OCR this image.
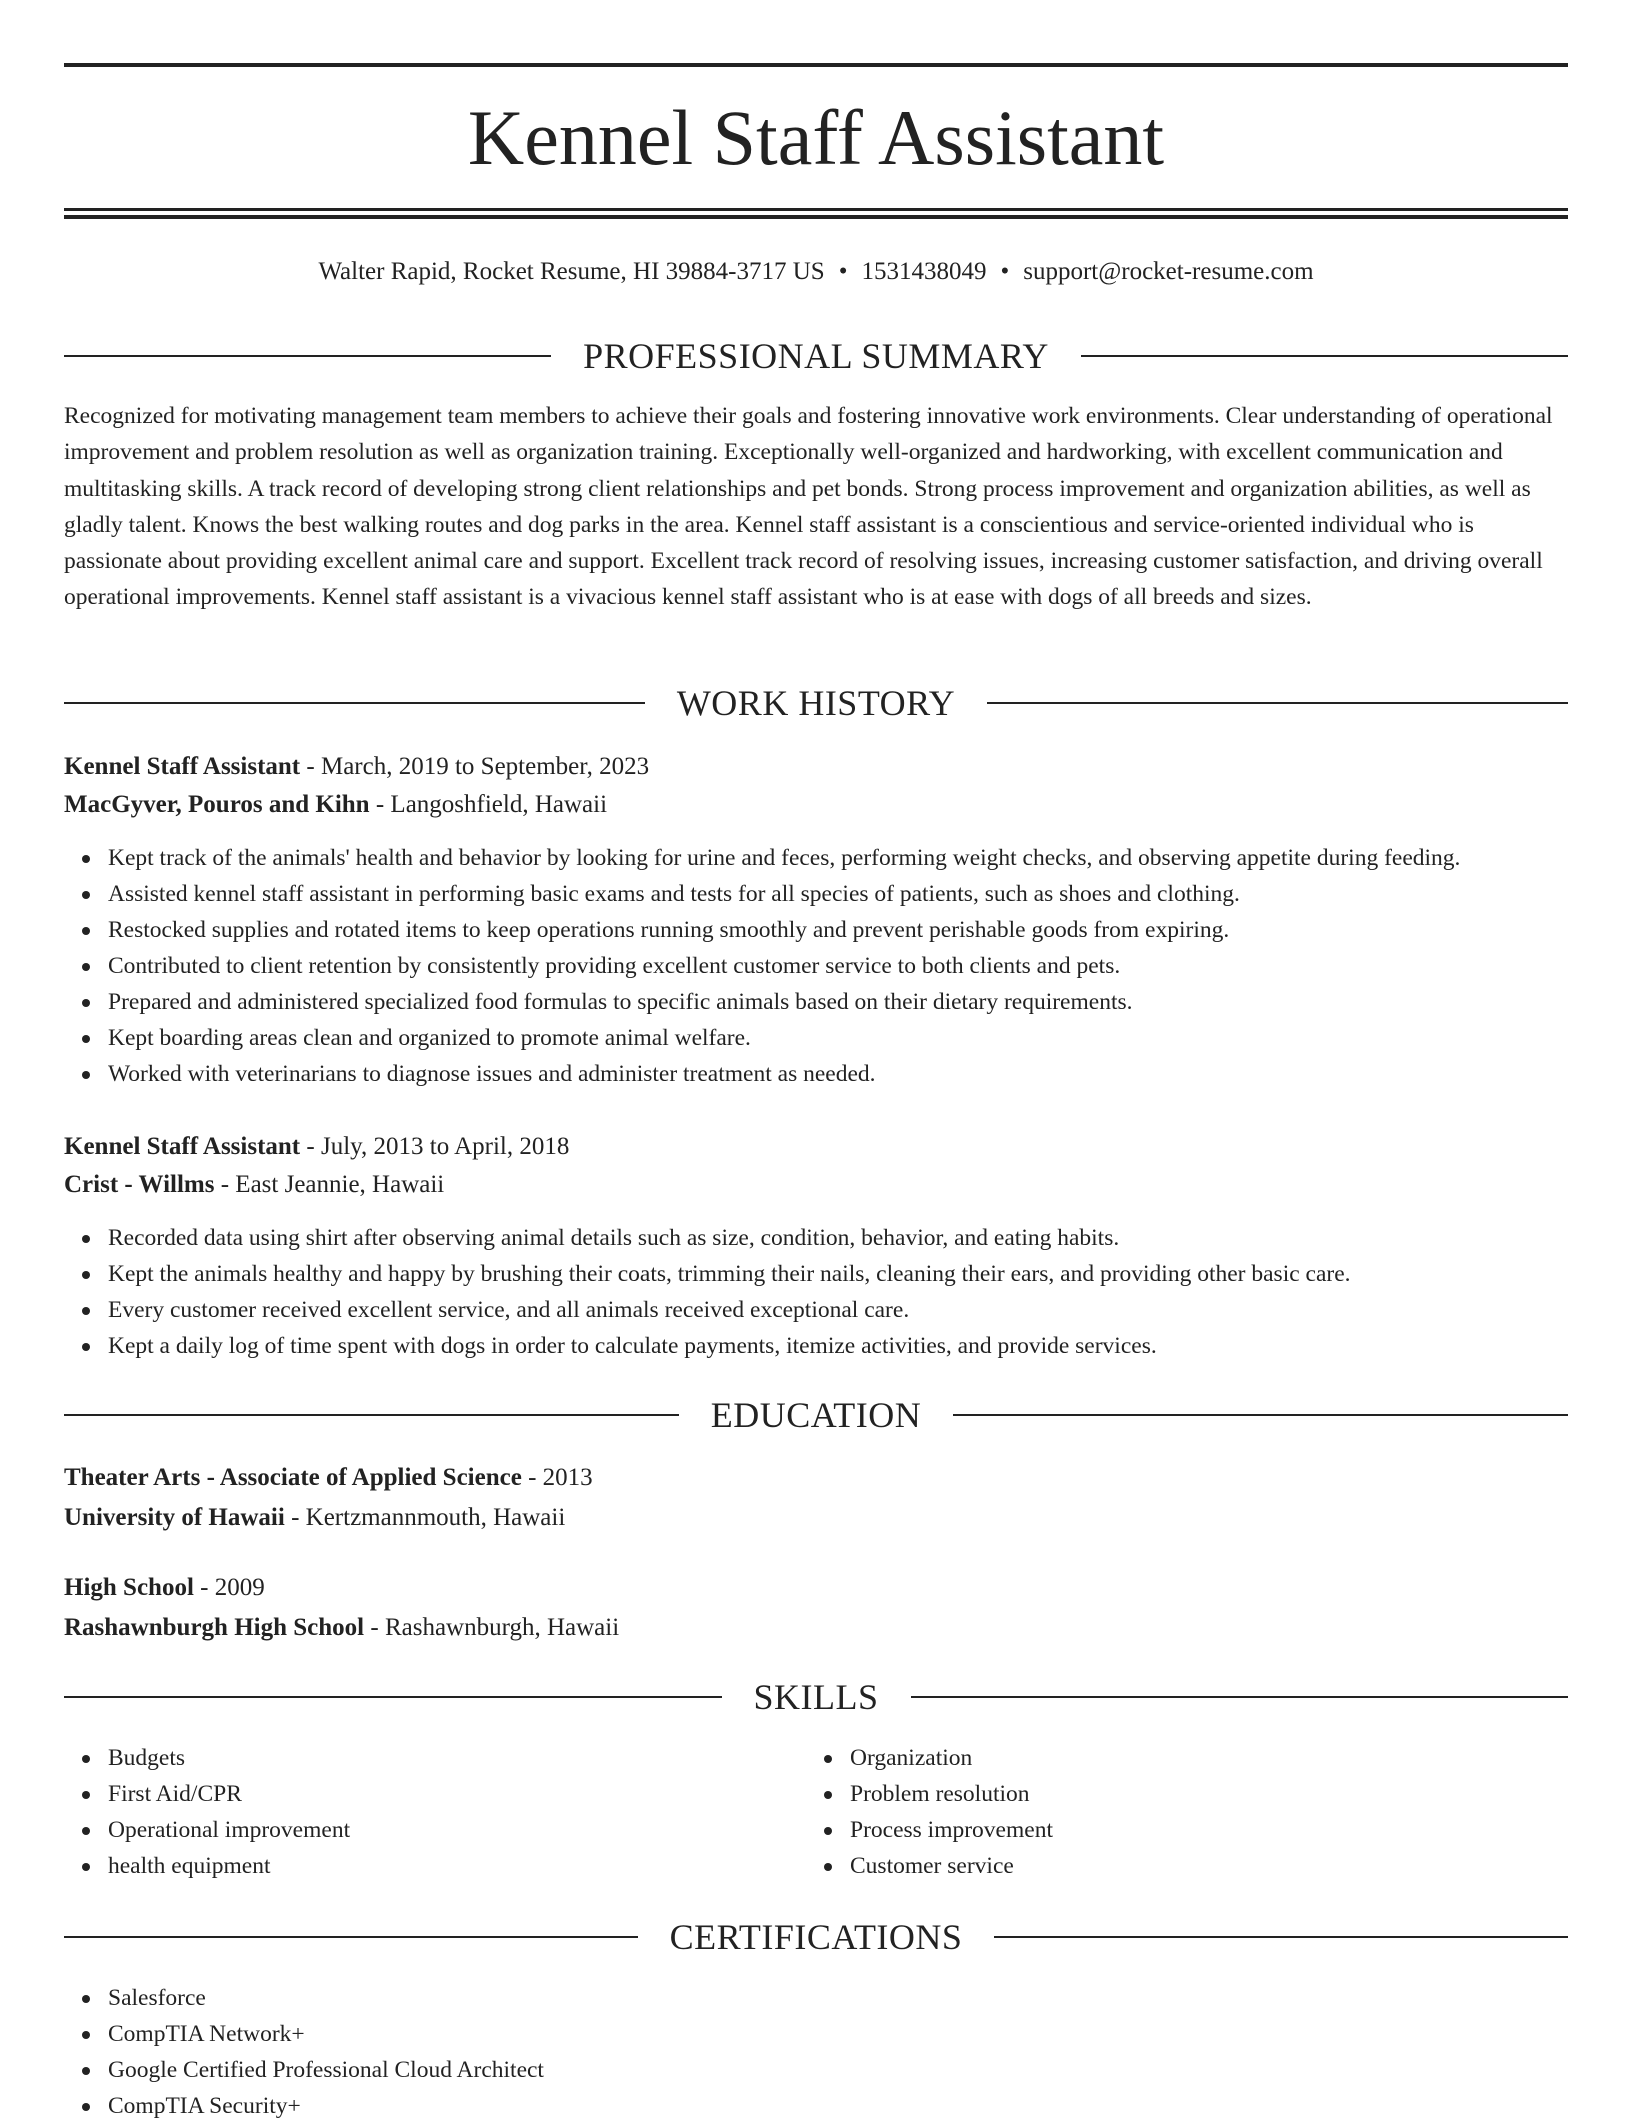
Kennel Staff Assistant
Walter Rapid, Rocket Resume, HI 39884-3717 US • 1531438049 • support@rocket-resume.com
PROFESSIONAL SUMMARY

Recognized for motivating management team members to achieve their goals and fostering innovative work environments. Clear understanding of operational improvement and problem resolution as well as organization training. Exceptionally well-organized and hardworking, with excellent communication and multitasking skills. A track record of developing strong client relationships and pet bonds. Strong process improvement and organization abilities, as well as gladly talent. Knows the best walking routes and dog parks in the area. Kennel staff assistant is a conscientious and service-oriented individual who is passionate about providing excellent animal care and support. Excellent track record of resolving issues, increasing customer satisfaction, and driving overall operational improvements. Kennel staff assistant is a vivacious kennel staff assistant who is at ease with dogs of all breeds and sizes.

WORK HISTORY
Kennel Staff Assistant - March, 2019 to September, 2023
MacGyver, Pouros and Kihn - Langoshfield, Hawaii
Kept track of the animals' health and behavior by looking for urine and feces, performing weight checks, and observing appetite during feeding.
Assisted kennel staff assistant in performing basic exams and tests for all species of patients, such as shoes and clothing.
Restocked supplies and rotated items to keep operations running smoothly and prevent perishable goods from expiring.
Contributed to client retention by consistently providing excellent customer service to both clients and pets.
Prepared and administered specialized food formulas to specific animals based on their dietary requirements.
Kept boarding areas clean and organized to promote animal welfare.
Worked with veterinarians to diagnose issues and administer treatment as needed.
Kennel Staff Assistant - July, 2013 to April, 2018
Crist - Willms - East Jeannie, Hawaii
Recorded data using shirt after observing animal details such as size, condition, behavior, and eating habits.
Kept the animals healthy and happy by brushing their coats, trimming their nails, cleaning their ears, and providing other basic care.
Every customer received excellent service, and all animals received exceptional care.
Kept a daily log of time spent with dogs in order to calculate payments, itemize activities, and provide services.
EDUCATION
Theater Arts - Associate of Applied Science - 2013
University of Hawaii - Kertzmannmouth, Hawaii
High School - 2009
Rashawnburgh High School - Rashawnburgh, Hawaii
SKILLS
Budgets
First Aid/CPR
Operational improvement
health equipment
Organization
Problem resolution
Process improvement
Customer service
CERTIFICATIONS
Salesforce
CompTIA Network+
Google Certified Professional Cloud Architect
CompTIA Security+
